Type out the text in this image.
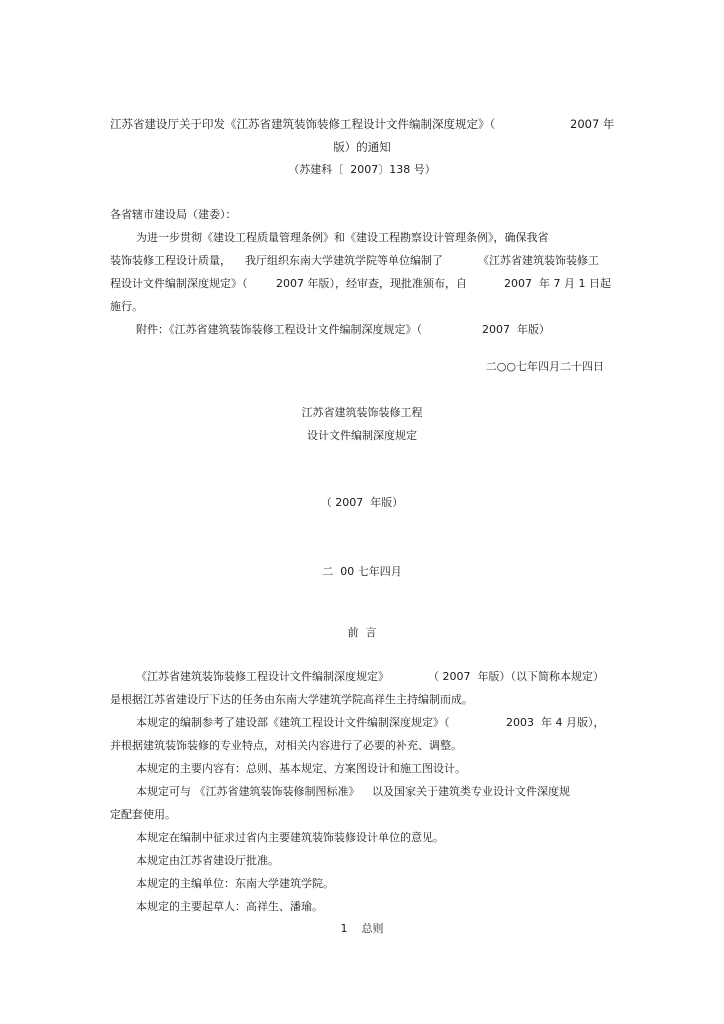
江苏省建设厅关于印发《江苏省建筑装饰装修工程设计文件编制深度规定》（	2007 年
版）的通知
（苏建科〔  2007〕138 号）
各省辖市建设局（建委）：
为进一步贯彻《建设工程质量管理条例》和《建设工程勘察设计管理条例》，确保我省
装饰装修工程设计质量， 我厅组织东南大学建筑学院等单位编制了	《江苏省建筑装饰装修工
程设计文件编制深度规定》（	2007 年版），经审查，现批准颁布，自	2007  年 7 月 1 日起
施行。
附件：《江苏省建筑装饰装修工程设计文件编制深度规定》（	2007  年版）
二○○七年四月二十四日
江苏省建筑装饰装修工程
设计文件编制深度规定
（ 2007  年版）
二  00 七年四月
前  言
《江苏省建筑装饰装修工程设计文件编制深度规定》	（ 2007  年版）（以下简称本规定）
是根据江苏省建设厅下达的任务由东南大学建筑学院高祥生主持编制而成。
本规定的编制参考了建设部《建筑工程设计文件编制深度规定》（	2003  年 4 月版），
并根据建筑装饰装修的专业特点，对相关内容进行了必要的补充、调整。
本规定的主要内容有：总则、基本规定、方案图设计和施工图设计。
本规定可与 《江苏省建筑装饰装修制图标准》 以及国家关于建筑类专业设计文件深度规
定配套使用。
本规定在编制中征求过省内主要建筑装饰装修设计单位的意见。
本规定由江苏省建设厅批准。
本规定的主编单位：东南大学建筑学院。
本规定的主要起草人：高祥生、潘瑜。
1    总则
